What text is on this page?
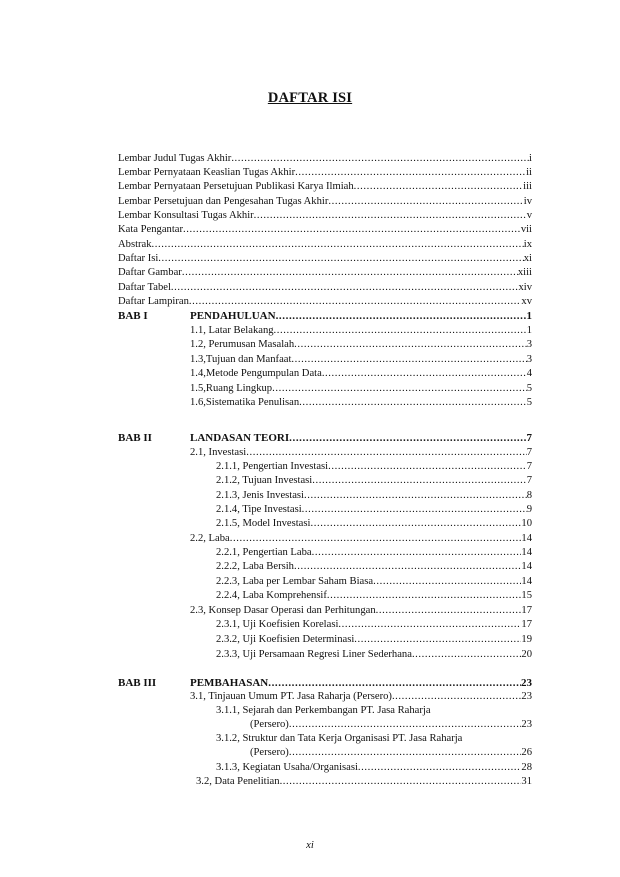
DAFTAR ISI
Lembar Judul Tugas Akhir .....	i
Lembar Pernyataan Keaslian Tugas Akhir .....	ii
Lembar Pernyataan Persetujuan Publikasi Karya Ilmiah .....	iii
Lembar Persetujuan dan Pengesahan Tugas Akhir .....	iv
Lembar Konsultasi Tugas Akhir .....	v
Kata Pengantar .....	vii
Abstrak .....	ix
Daftar Isi .....	xi
Daftar Gambar .....	xiii
Daftar Tabel .....	xiv
Daftar Lampiran .....	xv
BAB I	PENDAHULUAN .....	1
1.1, Latar Belakang .....	1
1.2, Perumusan Masalah .....	3
1.3,Tujuan dan Manfaat .....	3
1.4,Metode Pengumpulan Data .....	4
1.5,Ruang Lingkup .....	5
1.6,Sistematika Penulisan .....	5
BAB II	LANDASAN TEORI .....	7
2.1, Investasi .....	7
2.1.1, Pengertian Investasi .....	7
2.1.2, Tujuan Investasi .....	7
2.1.3, Jenis Investasi .....	8
2.1.4, Tipe Investasi .....	9
2.1.5, Model Investasi .....	10
2.2, Laba .....	14
2.2.1, Pengertian Laba .....	14
2.2.2, Laba Bersih .....	14
2.2.3, Laba per Lembar Saham Biasa .....	14
2.2.4, Laba Komprehensif .....	15
2.3, Konsep Dasar Operasi dan Perhitungan .....	17
2.3.1, Uji Koefisien Korelasi .....	17
2.3.2, Uji Koefisien Determinasi .....	19
2.3.3, Uji Persamaan Regresi Liner Sederhana .....	20
BAB III	PEMBAHASAN .....	23
3.1, Tinjauan Umum PT. Jasa Raharja (Persero) .....	23
3.1.1, Sejarah dan Perkembangan PT. Jasa Raharja
(Persero) .....	23
3.1.2, Struktur dan Tata Kerja Organisasi PT. Jasa Raharja
(Persero) .....	26
3.1.3, Kegiatan Usaha/Organisasi .....	28
3.2, Data Penelitian .....	31
xi
